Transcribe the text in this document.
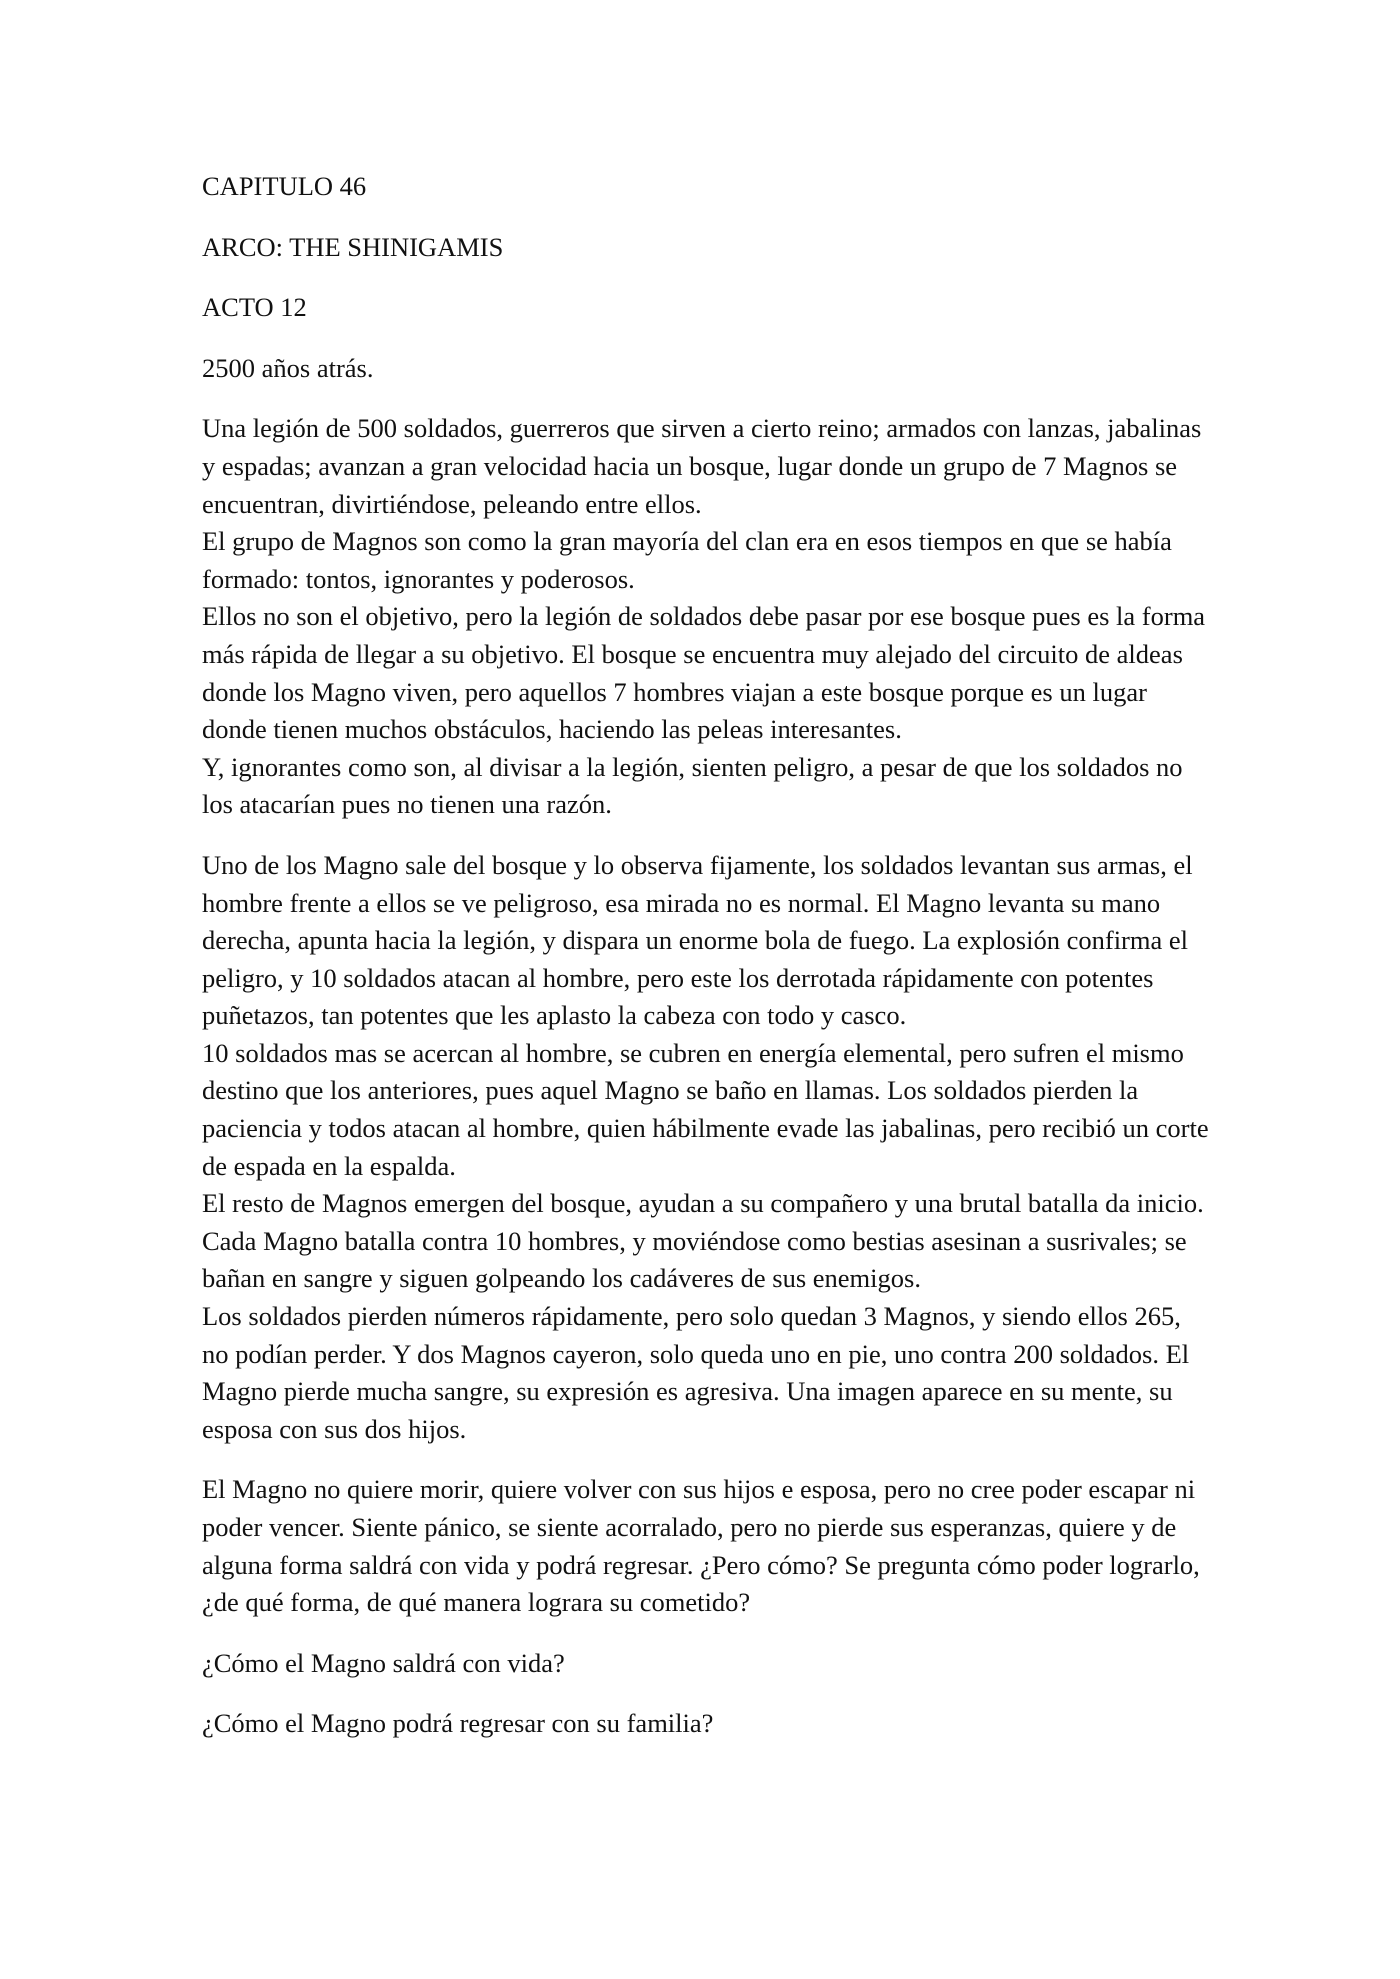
CAPITULO 46

ARCO: THE SHINIGAMIS

ACTO 12

2500 años atrás.

Una legión de 500 soldados, guerreros que sirven a cierto reino; armados con lanzas, jabalinas y espadas; avanzan a gran velocidad hacia un bosque, lugar donde un grupo de 7 Magnos se encuentran, divirtiéndose, peleando entre ellos.

El grupo de Magnos son como la gran mayoría del clan era en esos tiempos en que se había formado: tontos, ignorantes y poderosos.

Ellos no son el objetivo, pero la legión de soldados debe pasar por ese bosque pues es la forma más rápida de llegar a su objetivo. El bosque se encuentra muy alejado del circuito de aldeas donde los Magno viven, pero aquellos 7 hombres viajan a este bosque porque es un lugar donde tienen muchos obstáculos, haciendo las peleas interesantes.

Y, ignorantes como son, al divisar a la legión, sienten peligro, a pesar de que los soldados no los atacarían pues no tienen una razón.

Uno de los Magno sale del bosque y lo observa fijamente, los soldados levantan sus armas, el hombre frente a ellos se ve peligroso, esa mirada no es normal. El Magno levanta su mano derecha, apunta hacia la legión, y dispara un enorme bola de fuego. La explosión confirma el peligro, y 10 soldados atacan al hombre, pero este los derrotada rápidamente con potentes puñetazos, tan potentes que les aplasto la cabeza con todo y casco.

10 soldados mas se acercan al hombre, se cubren en energía elemental, pero sufren el mismo destino que los anteriores, pues aquel Magno se baño en llamas. Los soldados pierden la paciencia y todos atacan al hombre, quien hábilmente evade las jabalinas, pero recibió un corte de espada en la espalda.

El resto de Magnos emergen del bosque, ayudan a su compañero y una brutal batalla da inicio. Cada Magno batalla contra 10 hombres, y moviéndose como bestias asesinan a susrivales; se bañan en sangre y siguen golpeando los cadáveres de sus enemigos.

Los soldados pierden números rápidamente, pero solo quedan 3 Magnos, y siendo ellos 265, no podían perder. Y dos Magnos cayeron, solo queda uno en pie, uno contra 200 soldados. El Magno pierde mucha sangre, su expresión es agresiva. Una imagen aparece en su mente, su esposa con sus dos hijos.

El Magno no quiere morir, quiere volver con sus hijos e esposa, pero no cree poder escapar ni poder vencer. Siente pánico, se siente acorralado, pero no pierde sus esperanzas, quiere y de alguna forma saldrá con vida y podrá regresar. ¿Pero cómo? Se pregunta cómo poder lograrlo, ¿de qué forma, de qué manera lograra su cometido?

¿Cómo el Magno saldrá con vida?

¿Cómo el Magno podrá regresar con su familia?
